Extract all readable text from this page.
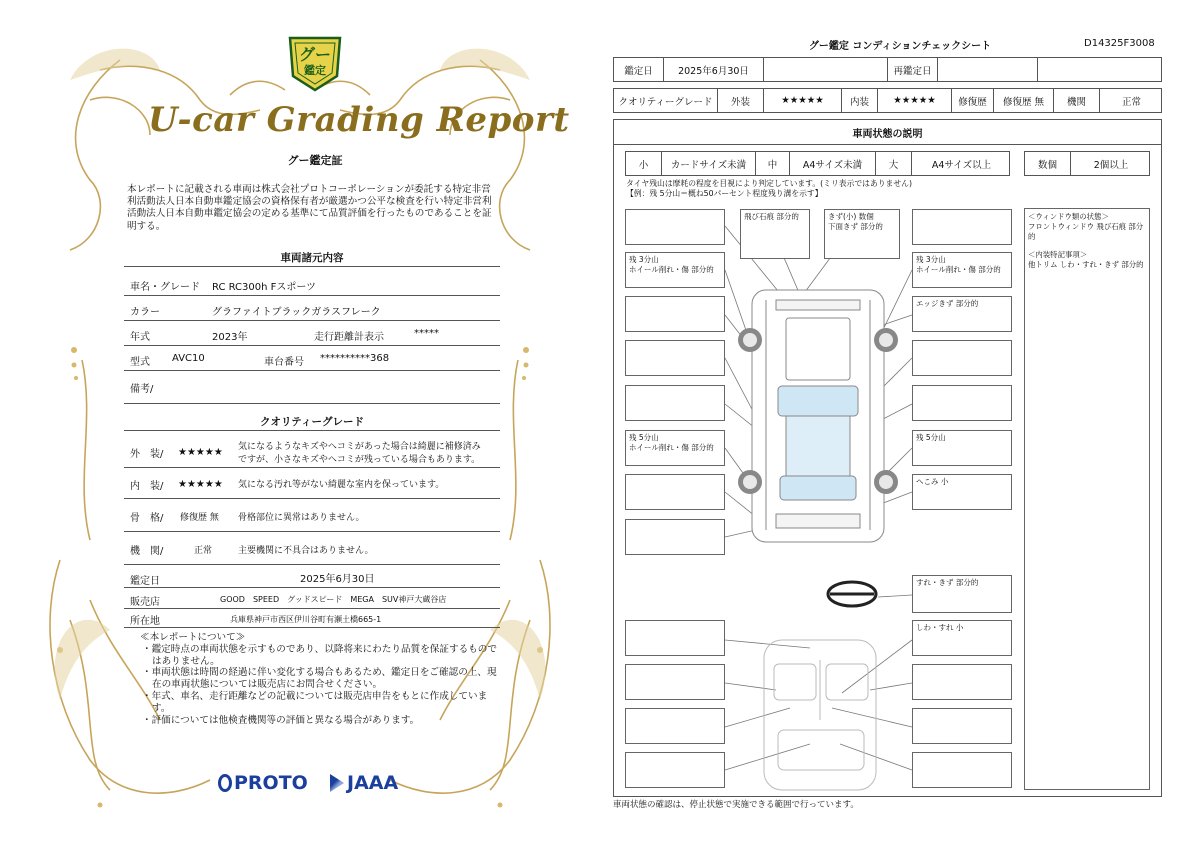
グー
鑑定
U-car Grading Report
グー鑑定証
本レポートに記載される車両は株式会社プロトコーポレーションが委託する特定非営利活動法人日本自動車鑑定協会の資格保有者が厳選かつ公平な検査を行い特定非営利活動法人日本自動車鑑定協会の定める基準にて品質評価を行ったものであることを証明する。
車両諸元内容
車名・グレード RC RC300h Fスポーツ
カラー	グラファイトブラックガラスフレーク
年式	2023年	走行距離計表示	*****
型式 AVC10	車台番号 **********368
備考/
クオリティーグレード
外　装/ ★★★★★ 気になるようなキズやヘコミがあった場合は綺麗に補修済み
ですが、小さなキズやヘコミが残っている場合もあります。
内　装/ ★★★★★ 気になる汚れ等がない綺麗な室内を保っています。
骨　格/ 修復歴 無 骨格部位に異常はありません。
機　関/	正常	主要機関に不具合はありません。
鑑定日	2025年6月30日
販売店	GOOD　SPEED　グッドスピード　MEGA　SUV神戸大蔵谷店
所在地	兵庫県神戸市西区伊川谷町有瀬土橋665-1
≪本レポートについて≫
・鑑定時点の車両状態を示すものであり、以降将来にわたり品質を保証するものではありません。
・車両状態は時間の経過に伴い変化する場合もあるため、鑑定日をご確認の上、現在の車両状態については販売店にお問合せください。
・年式、車名、走行距離などの記載については販売店申告をもとに作成しています。
・評価については他検査機関等の評価と異なる場合があります。
PROTO	JAAA
グー鑑定 コンディションチェックシート	D14325F3008
鑑定日	2025年6月30日	再鑑定日
クオリティーグレード	外装	★★★★★	内装	★★★★★	修復歴	修復歴 無	機関	正常
車両状態の説明
小	カードサイズ未満	中	A4サイズ未満	大	A4サイズ以上	数個	2個以上
タイヤ残山は摩耗の程度を目視により判定しています。(ミリ表示ではありません)
【例：残 5分山＝概ね50パーセント程度残り溝を示す】
飛び石痕 部分的	きず(小) 数個
下面きず 部分的
残 3分山
ホイール削れ・傷 部分的
残 3分山
ホイール削れ・傷 部分的
エッジきず 部分的
残 5分山
ホイール削れ・傷 部分的
残 5分山
へこみ 小
すれ・きず 部分的
しわ・すれ 小
＜ウィンドウ類の状態＞
フロントウィンドウ 飛び石痕 部分的
＜内装特記事項＞
他トリム しわ・すれ・きず 部分的
車両状態の確認は、停止状態で実施できる範囲で行っています。
